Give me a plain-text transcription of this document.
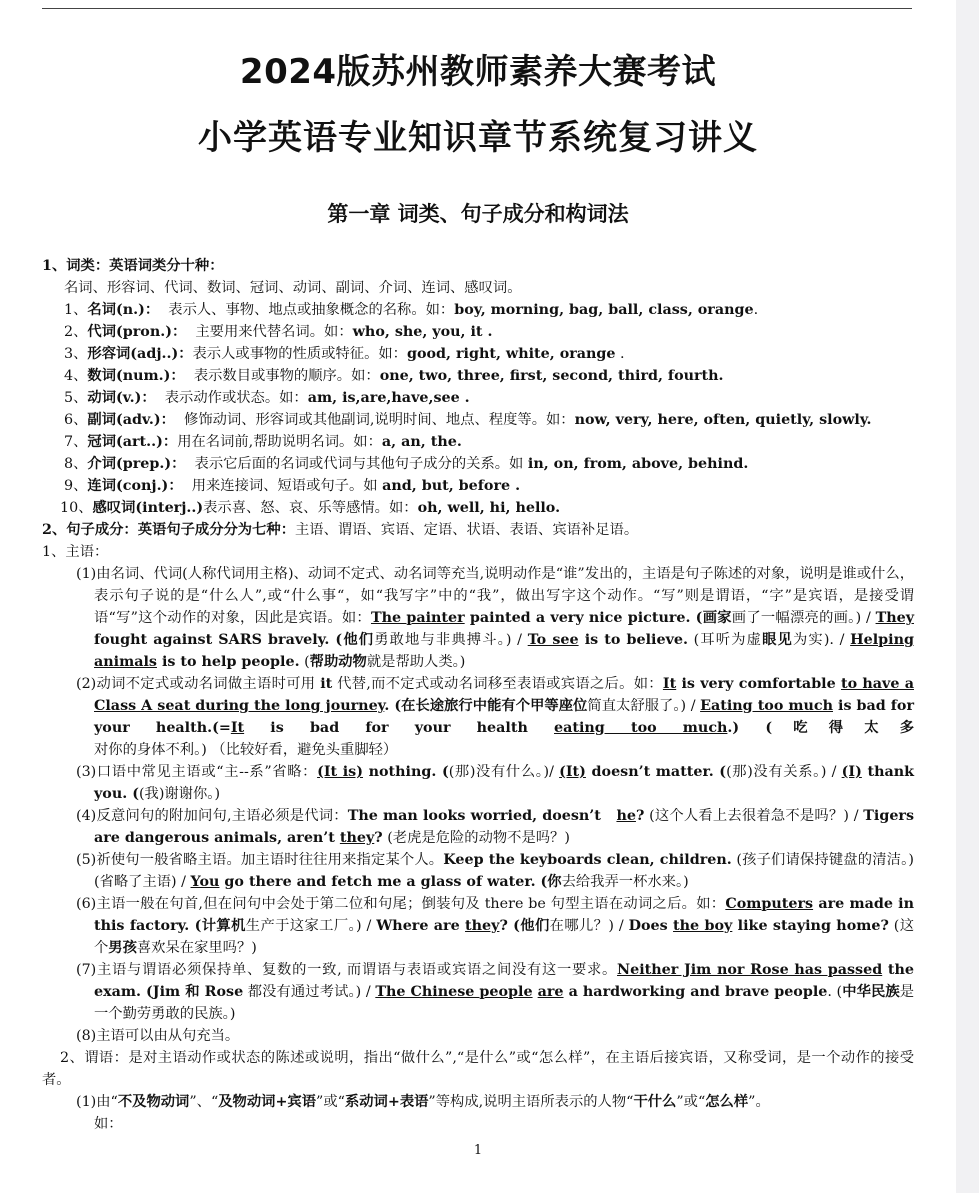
2024版苏州教师素养大赛考试
小学英语专业知识章节系统复习讲义
第一章 词类、句子成分和构词法
1、词类：英语词类分十种：
名词、形容词、代词、数词、冠词、动词、副词、介词、连词、感叹词。
1、名词(n.)：  表示人、事物、地点或抽象概念的名称。如：boy, morning, bag, ball, class, orange.
2、代词(pron.)：  主要用来代替名词。如：who, she, you, it .
3、形容词(adj..)：表示人或事物的性质或特征。如：good, right, white, orange .
4、数词(num.)：  表示数目或事物的顺序。如：one, two, three, first, second, third, fourth.
5、动词(v.)：  表示动作或状态。如：am, is,are,have,see .
6、副词(adv.)：  修饰动词、形容词或其他副词,说明时间、地点、程度等。如：now, very, here, often, quietly, slowly.
7、冠词(art..)：用在名词前,帮助说明名词。如：a, an, the.
8、介词(prep.)：  表示它后面的名词或代词与其他句子成分的关系。如 in, on, from, above, behind.
9、连词(conj.)：  用来连接词、短语或句子。如 and, but, before .
10、感叹词(interj..)表示喜、怒、哀、乐等感情。如：oh, well, hi, hello.
2、句子成分：英语句子成分分为七种：主语、谓语、宾语、定语、状语、表语、宾语补足语。
1、主语：
(1)由名词、代词(人称代词用主格)、动词不定式、动名词等充当,说明动作是“谁”发出的，主语是句子陈述的对象，说明是谁或什么，表示句子说的是“什么人”,或“什么事“，如“我写字”中的“我”，做出写字这个动作。“写”则是谓语，“字”是宾语，是接受谓语“写”这个动作的对象，因此是宾语。如：The painter painted a very nice picture. (画家画了一幅漂亮的画。) / They fought against SARS bravely. (他们勇敢地与非典搏斗。) / To see is to believe. (耳听为虚眼见为实). / Helping animals is to help people. (帮助动物就是帮助人类。)
(2)动词不定式或动名词做主语时可用 it 代替,而不定式或动名词移至表语或宾语之后。如：It is very comfortable to have a Class A seat during the long journey. (在长途旅行中能有个甲等座位简直太舒服了。) / Eating too much is bad for your health.(=It is bad for your health eating too much.) (吃得太多对你的身体不利。) （比较好看，避免头重脚轻）
(3)口语中常见主语或“主--系”省略：(It is) nothing. ((那)没有什么。)/ (It) doesn’t matter. ((那)没有关系。) / (I) thank you. ((我)谢谢你。)
(4)反意问句的附加问句,主语必须是代词：The man looks worried, doesn’t   he? (这个人看上去很着急不是吗？) / Tigers are dangerous animals, aren’t they? (老虎是危险的动物不是吗？)
(5)祈使句一般省略主语。加主语时往往用来指定某个人。Keep the keyboards clean, children. (孩子们请保持键盘的清洁。) (省略了主语) / You go there and fetch me a glass of water. (你去给我弄一杯水来。)
(6)主语一般在句首,但在问句中会处于第二位和句尾；倒装句及 there be 句型主语在动词之后。如：Computers are made in this factory. (计算机生产于这家工厂。) / Where are they? (他们在哪儿？) / Does the boy like staying home? (这个男孩喜欢呆在家里吗？)
(7)主语与谓语必须保持单、复数的一致, 而谓语与表语或宾语之间没有这一要求。Neither Jim nor Rose has passed the exam. (Jim 和 Rose 都没有通过考试。) / The Chinese people are a hardworking and brave people. (中华民族是一个勤劳勇敢的民族。)
(8)主语可以由从句充当。
2、谓语：是对主语动作或状态的陈述或说明，指出“做什么”,“是什么”或“怎么样”，在主语后接宾语，又称受词，是一个动作的接受者。
(1)由“不及物动词”、“及物动词+宾语”或“系动词+表语”等构成,说明主语所表示的人物“干什么”或“怎么样”。
如：
1
